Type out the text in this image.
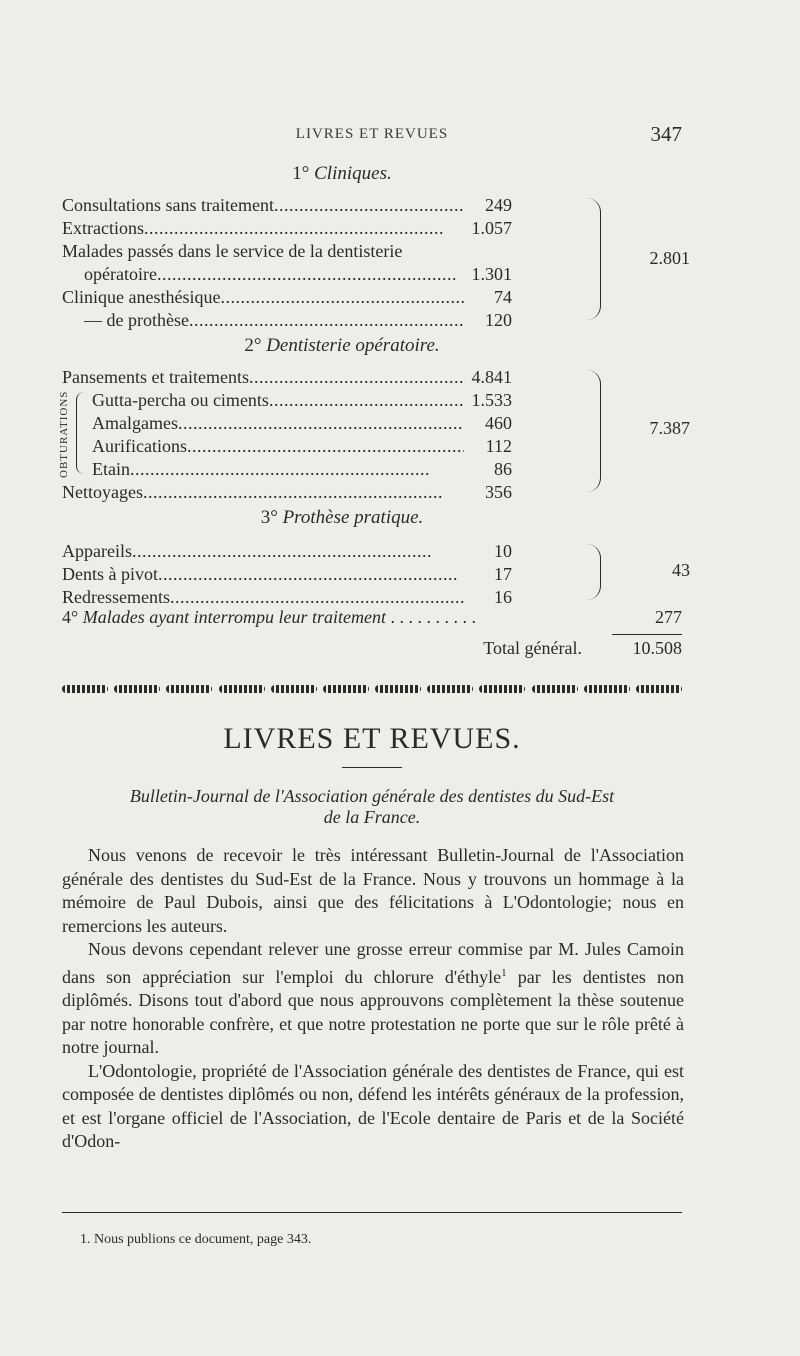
LIVRES ET REVUES	347
1° Cliniques.
Consultations sans traitement . . .	249
Extractions . . .	1.057
Malades passés dans le service de la dentisterie
opératoire . . .	1.301
Clinique anesthésique . . .	74
— de prothèse . . .	120
2.801
2° Dentisterie opératoire.
OBTURATIONS
Pansements et traitements . . .	4.841
Gutta-percha ou ciments . . .	1.533
Amalgames . . .	460
Aurifications . . .	112
Etain . . .	86
Nettoyages . . .	356
7.387
3° Prothèse pratique.
Appareils . . .	10
Dents à pivot . . .	17
Redressements . . .	16
43
4° Malades ayant interrompu leur traitement . . . . . . . . . .	277
Total général.	10.508
LIVRES ET REVUES.
Bulletin-Journal de l'Association générale des dentistes du Sud-Est
de la France.

Nous venons de recevoir le très intéressant Bulletin-Journal de l'Association générale des dentistes du Sud-Est de la France. Nous y trouvons un hommage à la mémoire de Paul Dubois, ainsi que des félicitations à L'Odontologie; nous en remercions les auteurs.

Nous devons cependant relever une grosse erreur commise par M. Jules Camoin dans son appréciation sur l'emploi du chlorure d'éthyle$^1$ par les dentistes non diplômés. Disons tout d'abord que nous approuvons complètement la thèse soutenue par notre honorable confrère, et que notre protestation ne porte que sur le rôle prêté à notre journal.

L'Odontologie, propriété de l'Association générale des dentistes de France, qui est composée de dentistes diplômés ou non, défend les intérêts généraux de la profession, et est l'organe officiel de l'Association, de l'Ecole dentaire de Paris et de la Société d'Odon-

1. Nous publions ce document, page 343.
